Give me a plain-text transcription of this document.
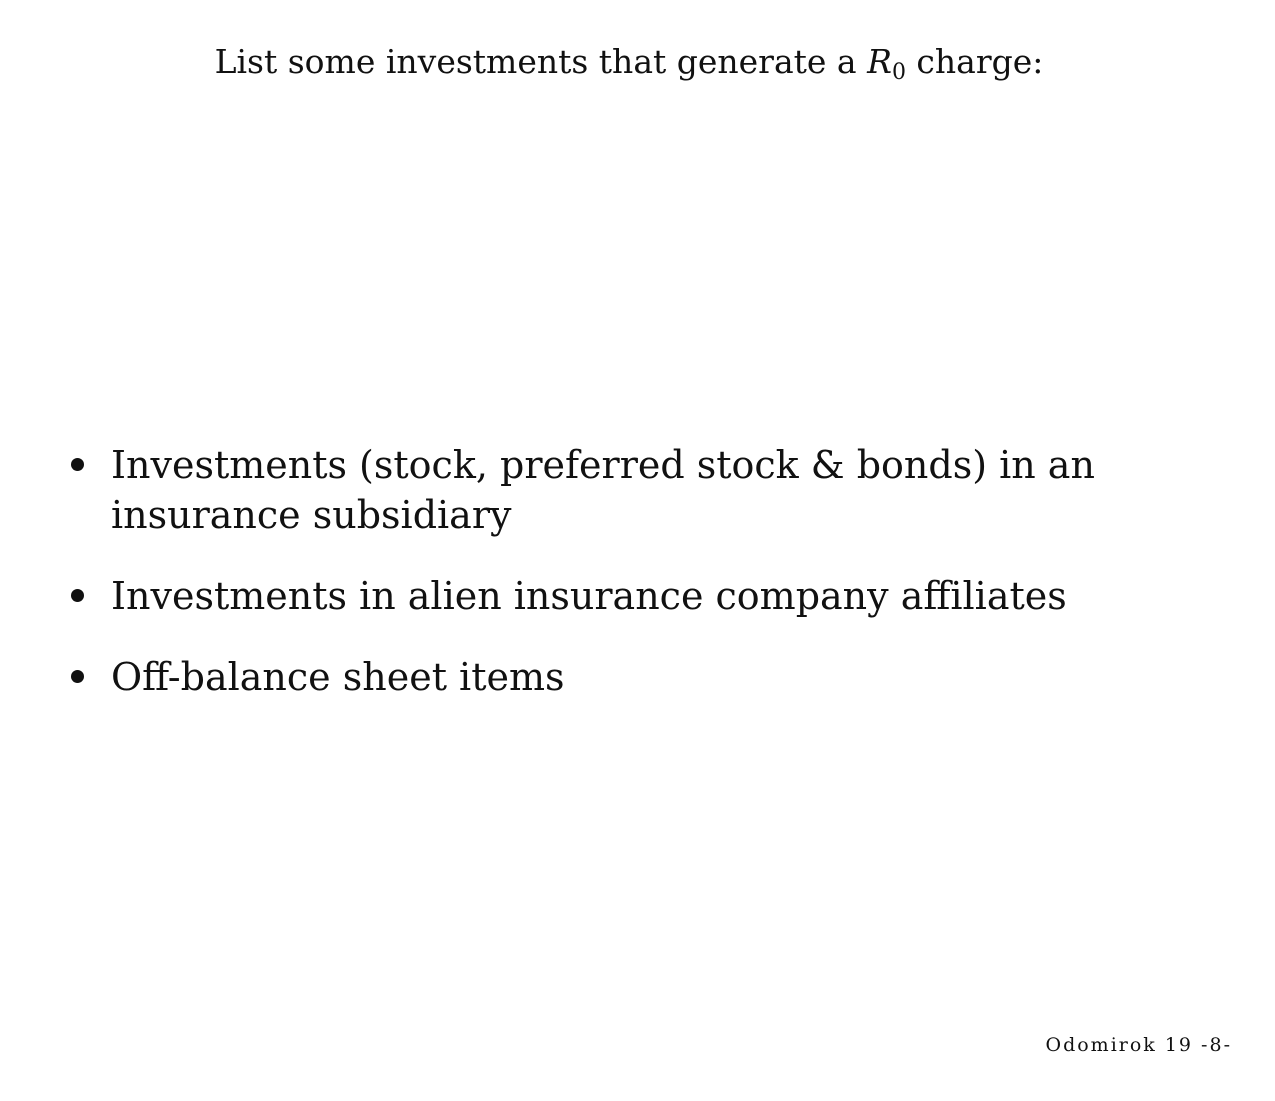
List some investments that generate a R0 charge:
Investments (stock, preferred stock & bonds) in an insurance subsidiary
Investments in alien insurance company affiliates
Off-balance sheet items
Odomirok 19 -8-
